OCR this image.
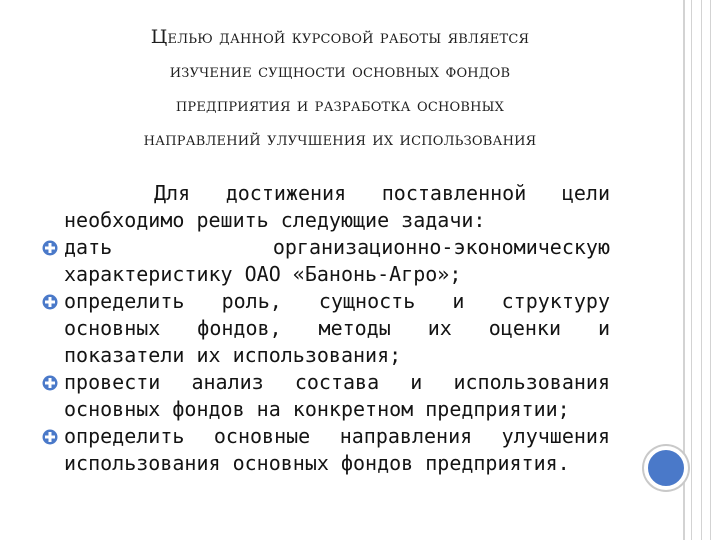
Целью данной курсовой работы является
изучение сущности основных фондов
предприятия и разработка основных
направлений улучшения их использования
Для достижения поставленной цели необходимо решить следующие задачи:
дать организационно-экономическую характеристику ОАО «Банонь-Агро»;
определить роль, сущность и структуру основных фондов, методы их оценки и показатели их использования;
провести анализ состава и использования основных фондов на конкретном предприятии;
определить основные направления улучшения использования основных фондов предприятия.
